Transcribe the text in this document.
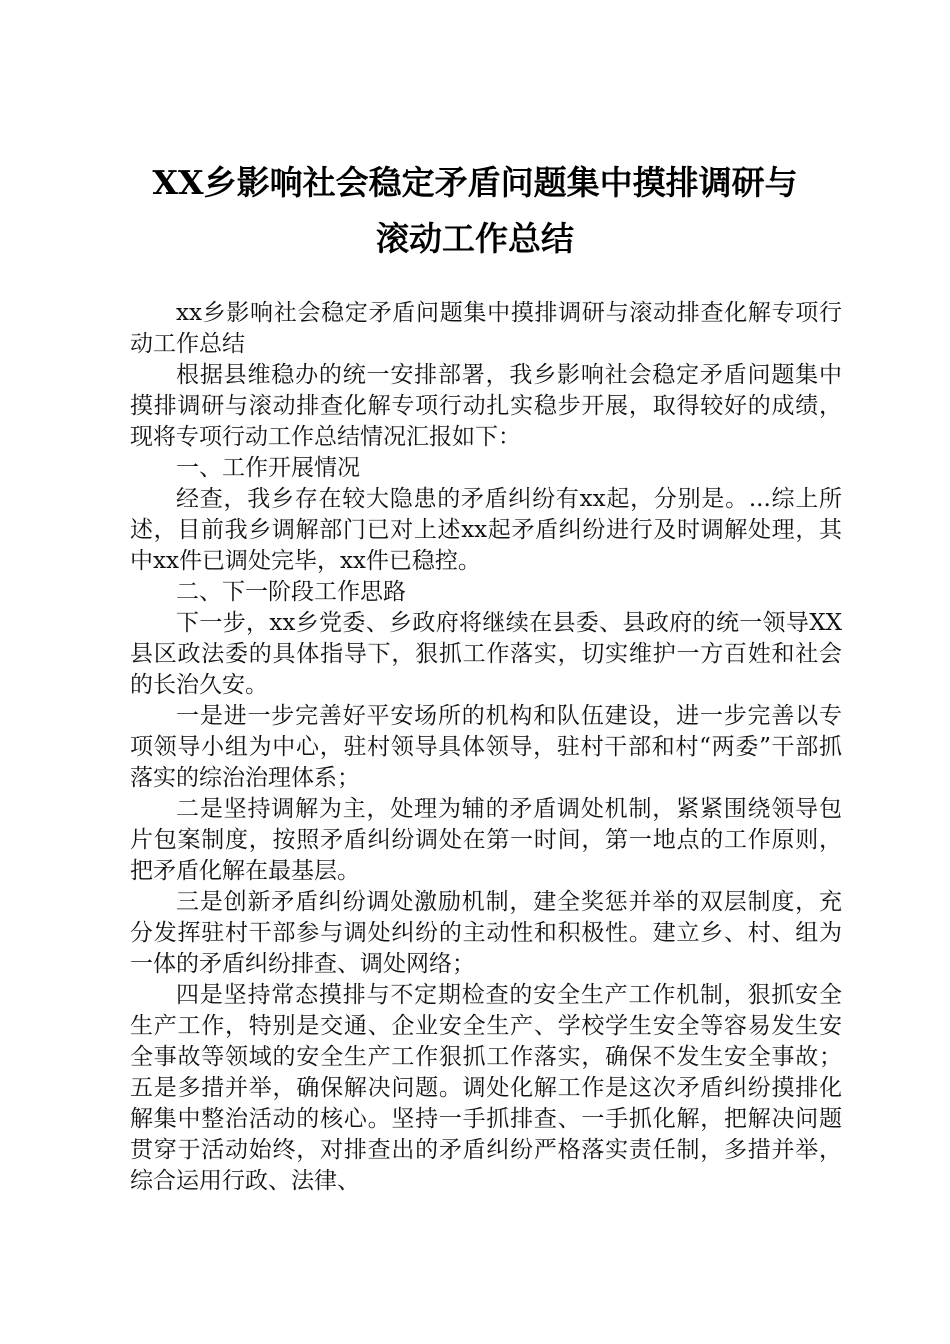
XX乡影响社会稳定矛盾问题集中摸排调研与
滚动工作总结

xx乡影响社会稳定矛盾问题集中摸排调研与滚动排查化解专项行动工作总结

根据县维稳办的统一安排部署，我乡影响社会稳定矛盾问题集中摸排调研与滚动排查化解专项行动扎实稳步开展，取得较好的成绩，现将专项行动工作总结情况汇报如下：

一、工作开展情况

经查，我乡存在较大隐患的矛盾纠纷有xx起，分别是。...综上所述，目前我乡调解部门已对上述xx起矛盾纠纷进行及时调解处理，其中xx件已调处完毕，xx件已稳控。

二、下一阶段工作思路

下一步，xx乡党委、乡政府将继续在县委、县政府的统一领导XX县区政法委的具体指导下，狠抓工作落实，切实维护一方百姓和社会的长治久安。

一是进一步完善好平安场所的机构和队伍建设，进一步完善以专项领导小组为中心，驻村领导具体领导，驻村干部和村“两委”干部抓落实的综治治理体系；

二是坚持调解为主，处理为辅的矛盾调处机制，紧紧围绕领导包片包案制度，按照矛盾纠纷调处在第一时间，第一地点的工作原则，把矛盾化解在最基层。

三是创新矛盾纠纷调处激励机制，建全奖惩并举的双层制度，充分发挥驻村干部参与调处纠纷的主动性和积极性。建立乡、村、组为一体的矛盾纠纷排查、调处网络；

四是坚持常态摸排与不定期检查的安全生产工作机制，狠抓安全生产工作，特别是交通、企业安全生产、学校学生安全等容易发生安全事故等领域的安全生产工作狠抓工作落实，确保不发生安全事故；五是多措并举，确保解决问题。调处化解工作是这次矛盾纠纷摸排化解集中整治活动的核心。坚持一手抓排查、一手抓化解，把解决问题贯穿于活动始终，对排查出的矛盾纠纷严格落实责任制，多措并举，综合运用行政、法律、
